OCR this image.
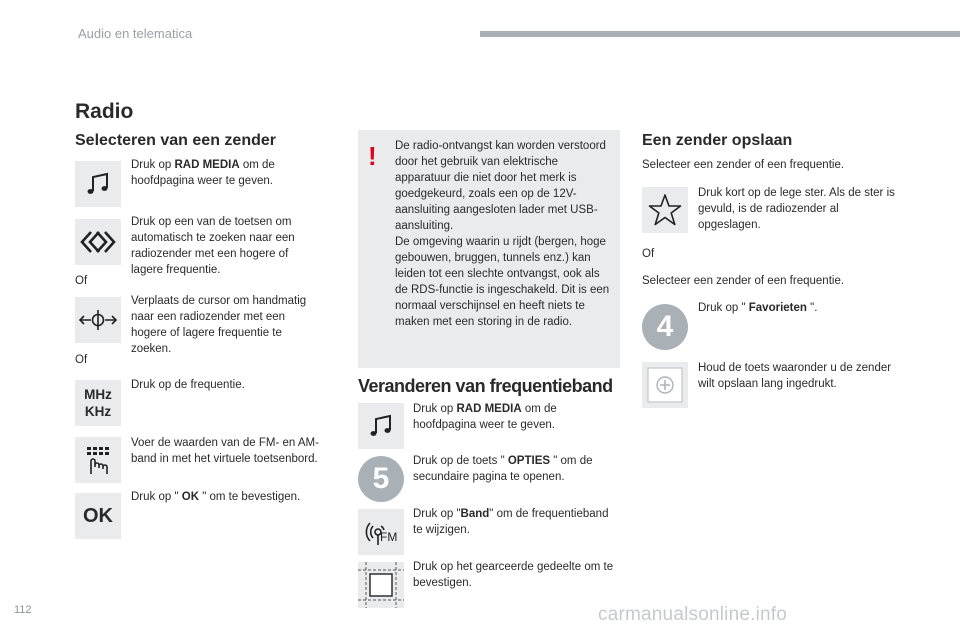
Audio en telematica
112	carmanualsonline.info
Radio
Selecteren van een zender
Druk op RAD MEDIA om de hoofdpagina weer te geven.
Druk op een van de toetsen om automatisch te zoeken naar een radiozender met een hogere of lagere frequentie.
Of
Verplaats de cursor om handmatig naar een radiozender met een hogere of lagere frequentie te zoeken.
Of
MHz
KHz
Druk op de frequentie.
Voer de waarden van de FM- en AM-band in met het virtuele toetsenbord.
OK
Druk op " OK " om te bevestigen.
! De radio-ontvangst kan worden verstoord door het gebruik van elektrische apparatuur die niet door het merk is goedgekeurd, zoals een op de 12V-aansluiting aangesloten lader met USB-aansluiting.
De omgeving waarin u rijdt (bergen, hoge gebouwen, bruggen, tunnels enz.) kan leiden tot een slechte ontvangst, ook als de RDS-functie is ingeschakeld. Dit is een normaal verschijnsel en heeft niets te maken met een storing in de radio.
Veranderen van frequentieband
Druk op RAD MEDIA om de hoofdpagina weer te geven.
5
Druk op de toets " OPTIES " om de secundaire pagina te openen.
FM
Druk op "Band" om de frequentieband te wijzigen.
Druk op het gearceerde gedeelte om te bevestigen.
Een zender opslaan
Selecteer een zender of een frequentie.
Druk kort op de lege ster. Als de ster is gevuld, is de radiozender al opgeslagen.
Of
Selecteer een zender of een frequentie.
4
Druk op " Favorieten ".
Houd de toets waaronder u de zender wilt opslaan lang ingedrukt.
